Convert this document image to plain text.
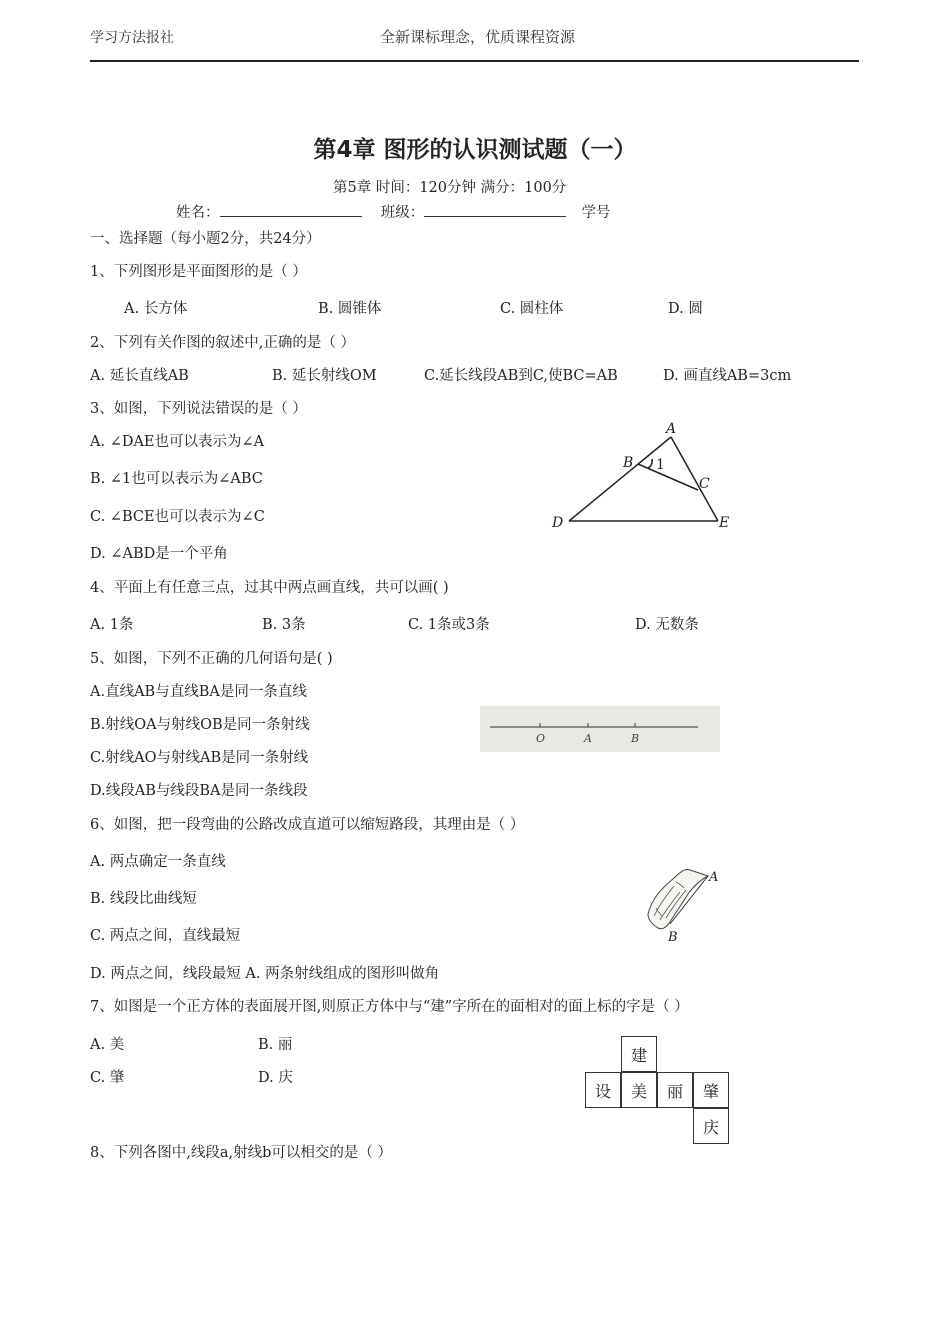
学习方法报社	全新课标理念，优质课程资源
第4章 图形的认识测试题（一）
第5章 时间：120分钟 满分：100分
姓名：	班级：	学号
一、选择题（每小题2分，共24分）
1、下列图形是平面图形的是（ ）
A. 长方体	B. 圆锥体	C. 圆柱体	D. 圆
2、下列有关作图的叙述中,正确的是（ ）
A. 延长直线AB	B. 延长射线OM	C.延长线段AB到C,使BC=AB	D. 画直线AB=3cm
3、如图，下列说法错误的是（ ）
A. ∠DAE也可以表示为∠A
B. ∠1也可以表示为∠ABC
C. ∠BCE也可以表示为∠C
D. ∠ABD是一个平角
A
B
C
D	E
1
4、平面上有任意三点，过其中两点画直线，共可以画( )
A. 1条	B. 3条	C. 1条或3条	D. 无数条
5、如图，下列不正确的几何语句是( )
A.直线AB与直线BA是同一条直线
B.射线OA与射线OB是同一条射线
C.射线AO与射线AB是同一条射线
D.线段AB与线段BA是同一条线段
O	A	B
6、如图，把一段弯曲的公路改成直道可以缩短路段，其理由是（ ）
A. 两点确定一条直线
B. 线段比曲线短
C. 两点之间，直线最短
D. 两点之间，线段最短 A. 两条射线组成的图形叫做角
A
B
7、如图是一个正方体的表面展开图,则原正方体中与“建”字所在的面相对的面上标的字是（ ）
A. 美	B. 丽
C. 肇	D. 庆
建
设	美	丽	肇
庆
8、下列各图中,线段a,射线b可以相交的是（ ）
